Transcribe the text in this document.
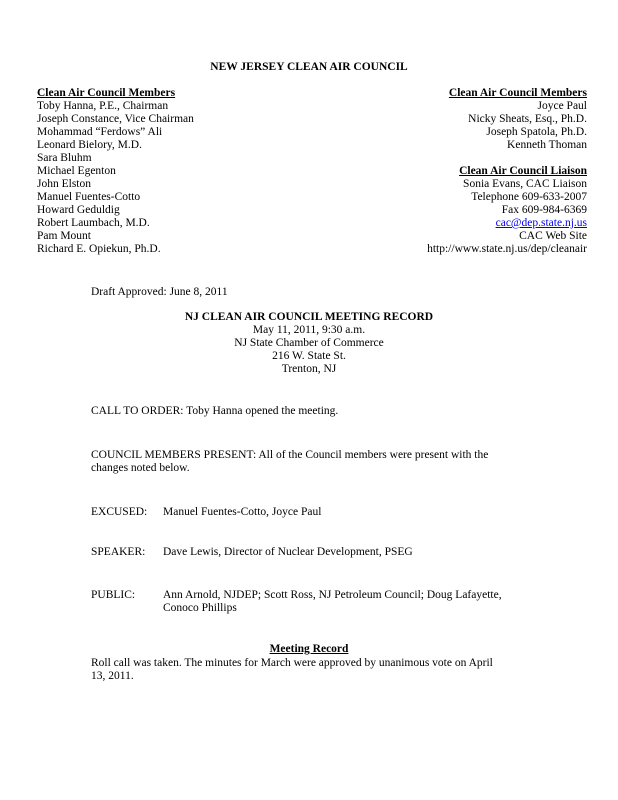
NEW JERSEY CLEAN AIR COUNCIL
Clean Air Council Members
Toby Hanna, P.E., Chairman
Joseph Constance, Vice Chairman
Mohammad “Ferdows” Ali
Leonard Bielory, M.D.
Sara Bluhm
Michael Egenton
John Elston
Manuel Fuentes-Cotto
Howard Geduldig
Robert Laumbach, M.D.
Pam Mount
Richard E. Opiekun, Ph.D.
Clean Air Council Members
Joyce Paul
Nicky Sheats, Esq., Ph.D.
Joseph Spatola, Ph.D.
Kenneth Thoman
Clean Air Council Liaison
Sonia Evans, CAC Liaison
Telephone 609-633-2007
Fax 609-984-6369
cac@dep.state.nj.us
CAC Web Site
http://www.state.nj.us/dep/cleanair
Draft Approved: June 8, 2011
NJ CLEAN AIR COUNCIL MEETING RECORD
May 11, 2011, 9:30 a.m.
NJ State Chamber of Commerce
216 W. State St.
Trenton, NJ
CALL TO ORDER: Toby Hanna opened the meeting.
COUNCIL MEMBERS PRESENT: All of the Council members were present with the
changes noted below.
EXCUSED:	Manuel Fuentes-Cotto, Joyce Paul
SPEAKER:	Dave Lewis, Director of Nuclear Development, PSEG
PUBLIC:	Ann Arnold, NJDEP; Scott Ross, NJ Petroleum Council; Doug Lafayette,
Conoco Phillips
Meeting Record
Roll call was taken. The minutes for March were approved by unanimous vote on April
13, 2011.
